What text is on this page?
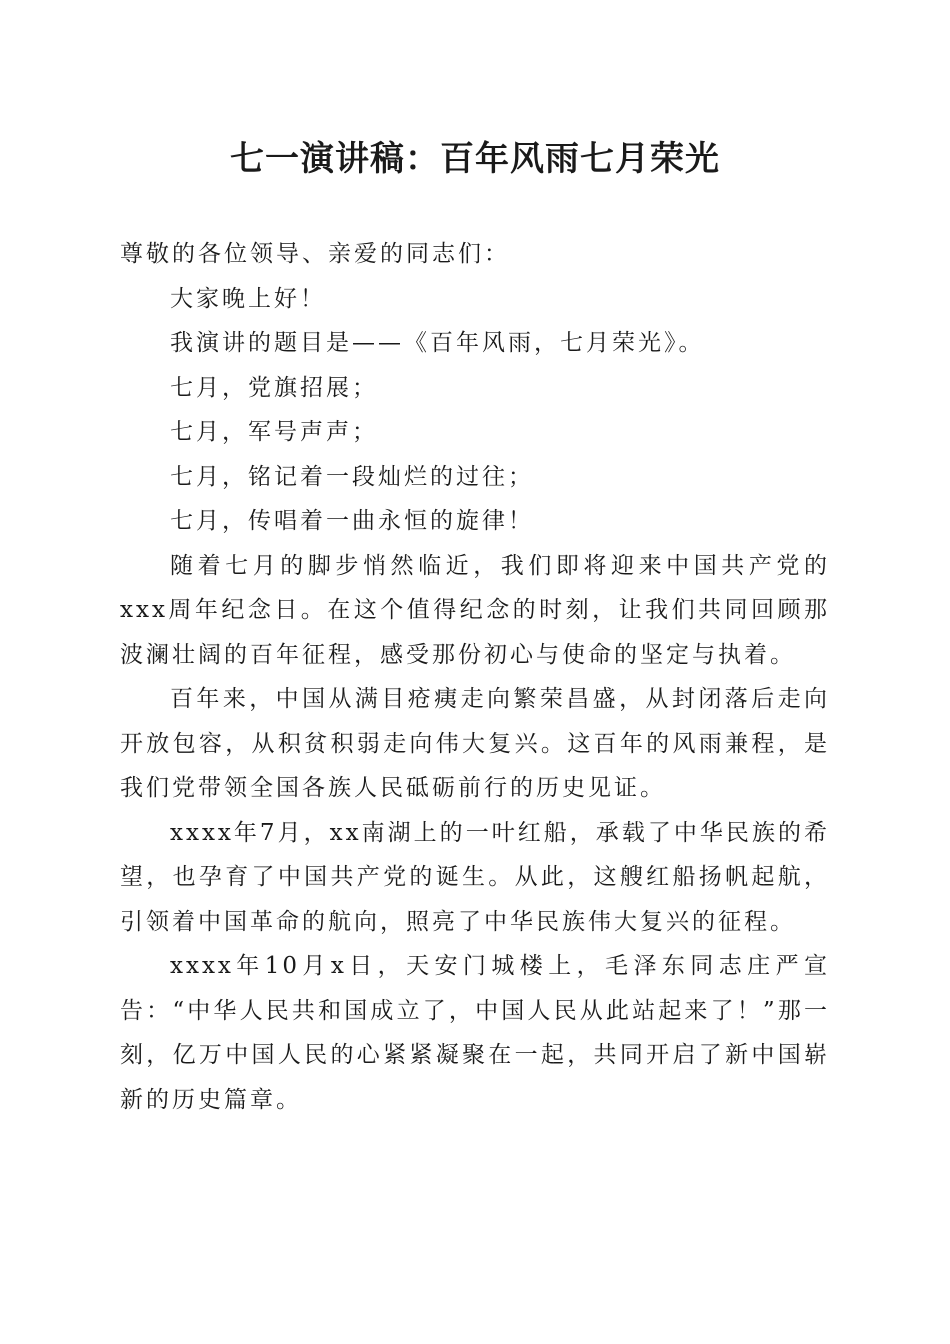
七一演讲稿：百年风雨七月荣光

尊敬的各位领导、亲爱的同志们：

大家晚上好！

我演讲的题目是——《百年风雨，七月荣光》。

七月，党旗招展；

七月，军号声声；

七月，铭记着一段灿烂的过往；

七月，传唱着一曲永恒的旋律！

随着七月的脚步悄然临近，我们即将迎来中国共产党的xxx周年纪念日。在这个值得纪念的时刻，让我们共同回顾那波澜壮阔的百年征程，感受那份初心与使命的坚定与执着。

百年来，中国从满目疮痍走向繁荣昌盛，从封闭落后走向开放包容，从积贫积弱走向伟大复兴。这百年的风雨兼程，是我们党带领全国各族人民砥砺前行的历史见证。

xxxx年7月，xx南湖上的一叶红船，承载了中华民族的希望，也孕育了中国共产党的诞生。从此，这艘红船扬帆起航，引领着中国革命的航向，照亮了中华民族伟大复兴的征程。

xxxx年10月x日，天安门城楼上，毛泽东同志庄严宣告：“中华人民共和国成立了，中国人民从此站起来了！”那一刻，亿万中国人民的心紧紧凝聚在一起，共同开启了新中国崭新的历史篇章。
